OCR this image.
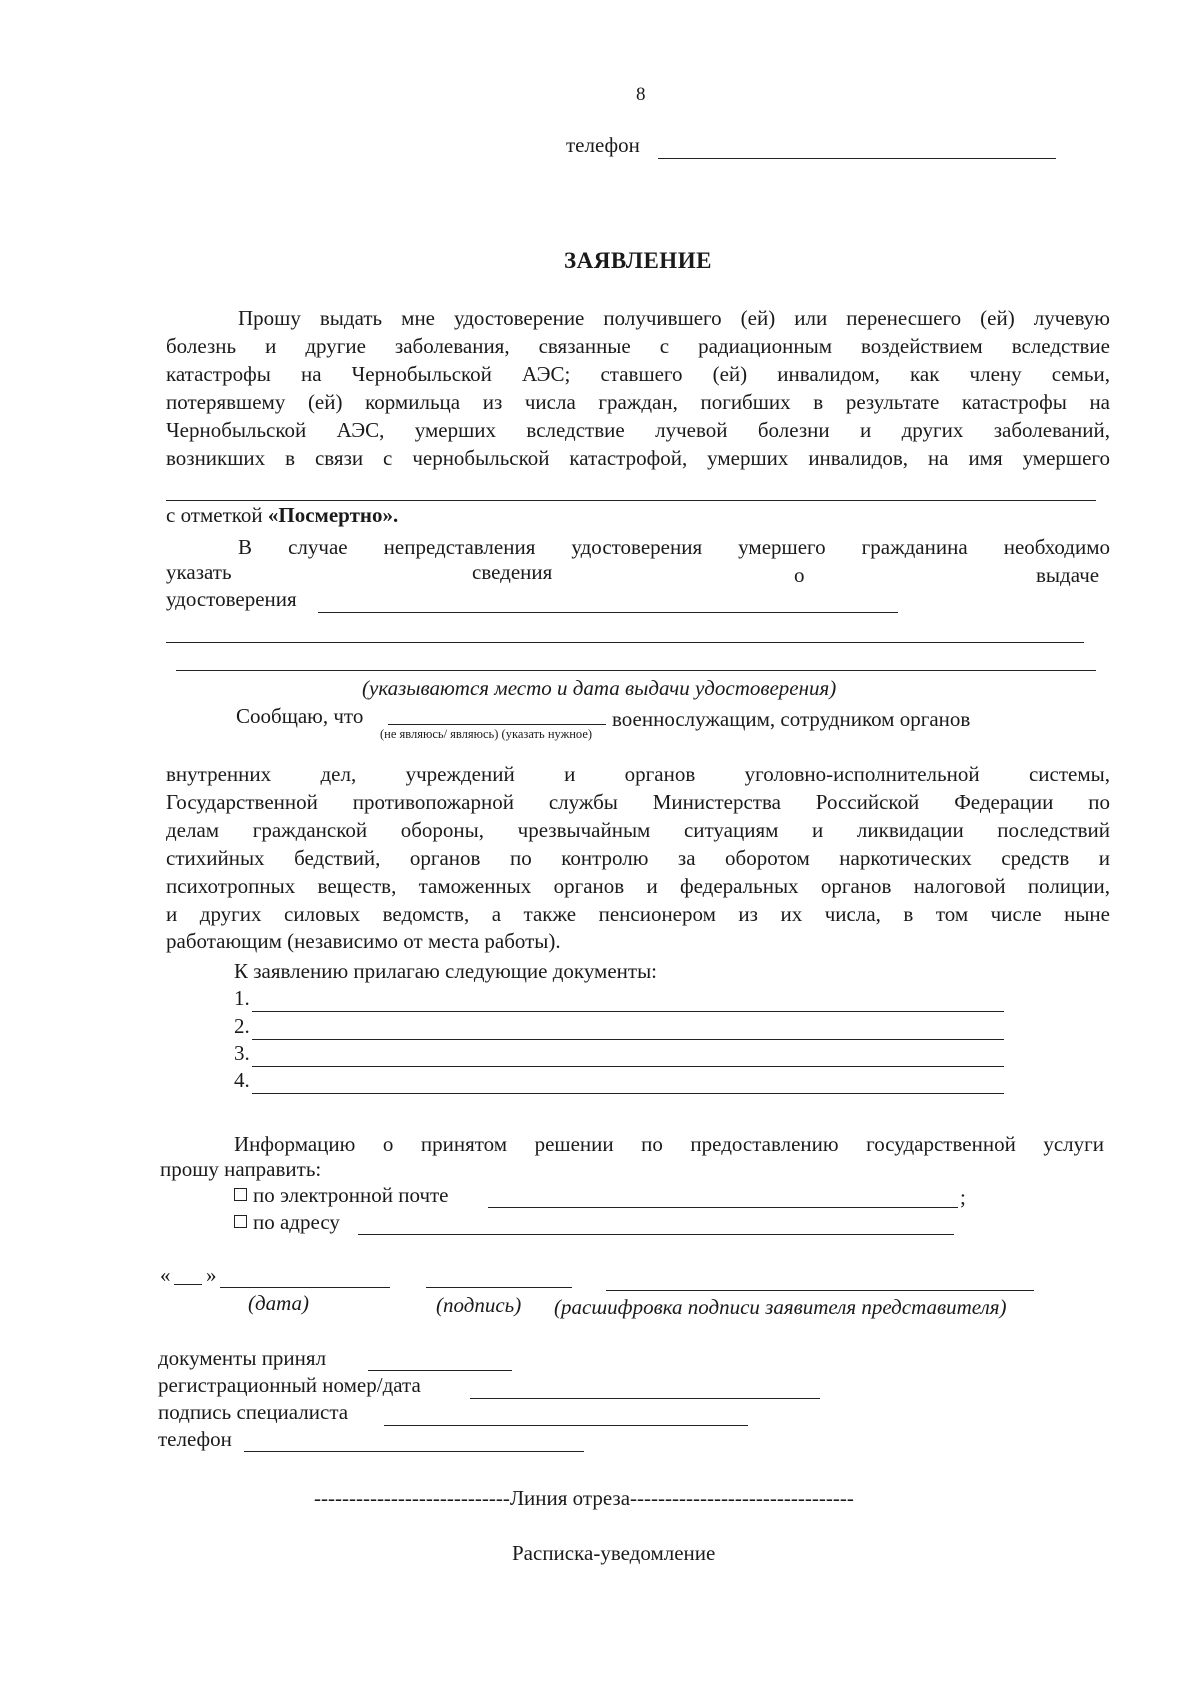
8
телефон
ЗАЯВЛЕНИЕ
Прошу выдать мне удостоверение получившего (ей) или перенесшего (ей) лучевую
болезнь и другие заболевания, связанные с радиационным воздействием вследствие
катастрофы на Чернобыльской АЭС; ставшего (ей) инвалидом, как члену семьи,
потерявшему (ей) кормильца из числа граждан, погибших в результате катастрофы на
Чернобыльской АЭС, умерших вследствие лучевой болезни и других заболеваний,
возникших в связи с чернобыльской катастрофой, умерших инвалидов, на имя умершего
с отметкой «Посмертно».
В случае непредставления удостоверения умершего гражданина необходимо
указать	сведения	о	выдаче
удостоверения
(указываются место и дата выдачи удостоверения)
Сообщаю, что	военнослужащим, сотрудником органов
(не являюсь/ являюсь) (указать нужное)
внутренних дел, учреждений и органов уголовно-исполнительной системы,
Государственной противопожарной службы Министерства Российской Федерации по
делам гражданской обороны, чрезвычайным ситуациям и ликвидации последствий
стихийных бедствий, органов по контролю за оборотом наркотических средств и
психотропных веществ, таможенных органов и федеральных органов налоговой полиции,
и других силовых ведомств, а также пенсионером из их числа, в том числе ныне
работающим (независимо от места работы).
К заявлению прилагаю следующие документы:
1.
2.
3.
4.
Информацию о принятом решении по предоставлению государственной услуги
прошу направить:
по электронной почте	;
по адресу
« »
(дата)	(подпись) (расшифровка подписи заявителя представителя)
документы принял
регистрационный номер/дата
подпись специалиста
телефон
----------------------------Линия отреза--------------------------------
Расписка-уведомление
